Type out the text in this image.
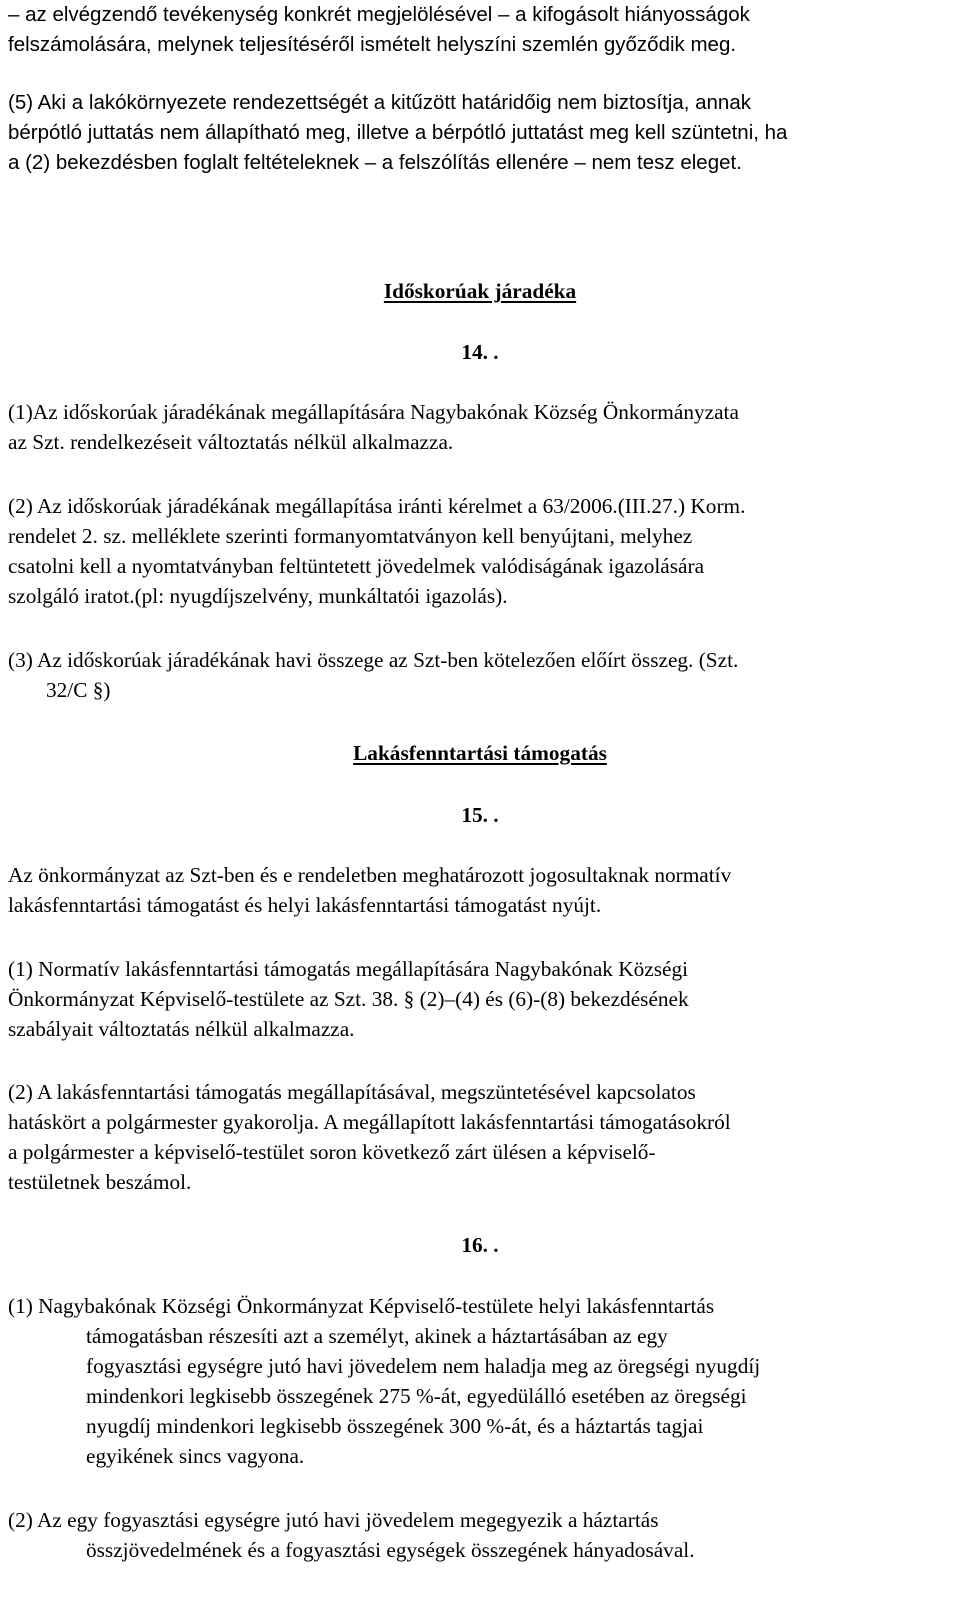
– az elvégzendő tevékenység konkrét megjelölésével – a kifogásolt hiányosságok
felszámolására, melynek teljesítéséről ismételt helyszíni szemlén győződik meg.
(5) Aki a lakókörnyezete rendezettségét a kitűzött határidőig nem biztosítja, annak
bérpótló juttatás nem állapítható meg, illetve a bérpótló juttatást meg kell szüntetni, ha
a (2) bekezdésben foglalt feltételeknek – a felszólítás ellenére – nem tesz eleget.
Időskorúak járadéka
14. .
(1)Az időskorúak járadékának megállapítására Nagybakónak Község Önkormányzata
az Szt. rendelkezéseit változtatás nélkül alkalmazza.
(2) Az időskorúak járadékának megállapítása iránti kérelmet a 63/2006.(III.27.) Korm.
rendelet 2. sz. melléklete szerinti formanyomtatványon kell benyújtani, melyhez
csatolni kell a nyomtatványban feltüntetett jövedelmek valódiságának igazolására
szolgáló iratot.(pl: nyugdíjszelvény, munkáltatói igazolás).
(3) Az időskorúak járadékának havi összege az Szt-ben kötelezően előírt összeg. (Szt.
32/C §)
Lakásfenntartási támogatás
15. .
Az önkormányzat az Szt-ben és e rendeletben meghatározott jogosultaknak normatív
lakásfenntartási támogatást és helyi lakásfenntartási támogatást nyújt.
(1) Normatív lakásfenntartási támogatás megállapítására Nagybakónak Községi
Önkormányzat Képviselő-testülete az Szt. 38. § (2)–(4) és (6)-(8) bekezdésének
szabályait változtatás nélkül alkalmazza.
(2) A lakásfenntartási támogatás megállapításával, megszüntetésével kapcsolatos
hatáskört a polgármester gyakorolja. A megállapított lakásfenntartási támogatásokról
a polgármester a képviselő-testület soron következő zárt ülésen a képviselő-
testületnek beszámol.
16. .
(1) Nagybakónak Községi Önkormányzat Képviselő-testülete helyi lakásfenntartás
támogatásban részesíti azt a személyt, akinek a háztartásában az egy
fogyasztási egységre jutó havi jövedelem nem haladja meg az öregségi nyugdíj
mindenkori legkisebb összegének 275 %-át, egyedülálló esetében az öregségi
nyugdíj mindenkori legkisebb összegének 300 %-át, és a háztartás tagjai
egyikének sincs vagyona.
(2) Az egy fogyasztási egységre jutó havi jövedelem megegyezik a háztartás
összjövedelmének és a fogyasztási egységek összegének hányadosával.
